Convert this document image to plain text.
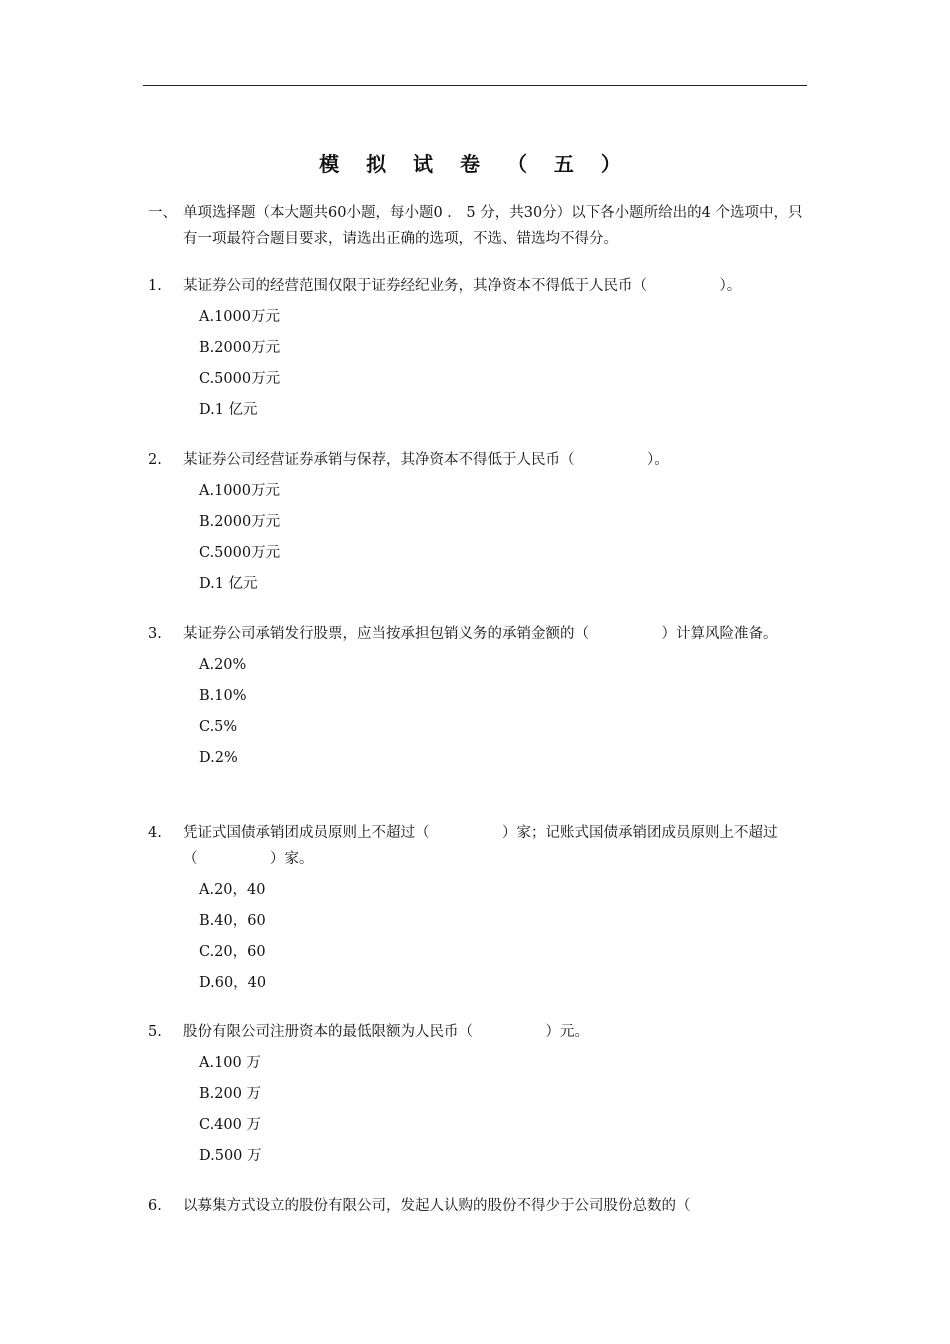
模 拟 试 卷 （ 五 ）
一、 单项选择题（本大题共60小题，每小题0 ． 5 分，共30分）以下各小题所给出的4 个选项中，只有一项最符合题目要求，请选出正确的选项，不选、错选均不得分。
1. 某证券公司的经营范围仅限于证券经纪业务，其净资本不得低于人民币（　　　　　）。
A.1000万元
B.2000万元
C.5000万元
D.1 亿元
2. 某证券公司经营证券承销与保荐，其净资本不得低于人民币（　　　　　）。
A.1000万元
B.2000万元
C.5000万元
D.1 亿元
3. 某证券公司承销发行股票，应当按承担包销义务的承销金额的（　　　　　）计算风险准备。
A.20%
B.10%
C.5%
D.2%
4. 凭证式国债承销团成员原则上不超过（　　　　　）家；记账式国债承销团成员原则上不超过（　　　　　）家。
A.20，40
B.40，60
C.20，60
D.60，40
5. 股份有限公司注册资本的最低限额为人民币（　　　　　）元。
A.100 万
B.200 万
C.400 万
D.500 万
6. 以募集方式设立的股份有限公司，发起人认购的股份不得少于公司股份总数的（
